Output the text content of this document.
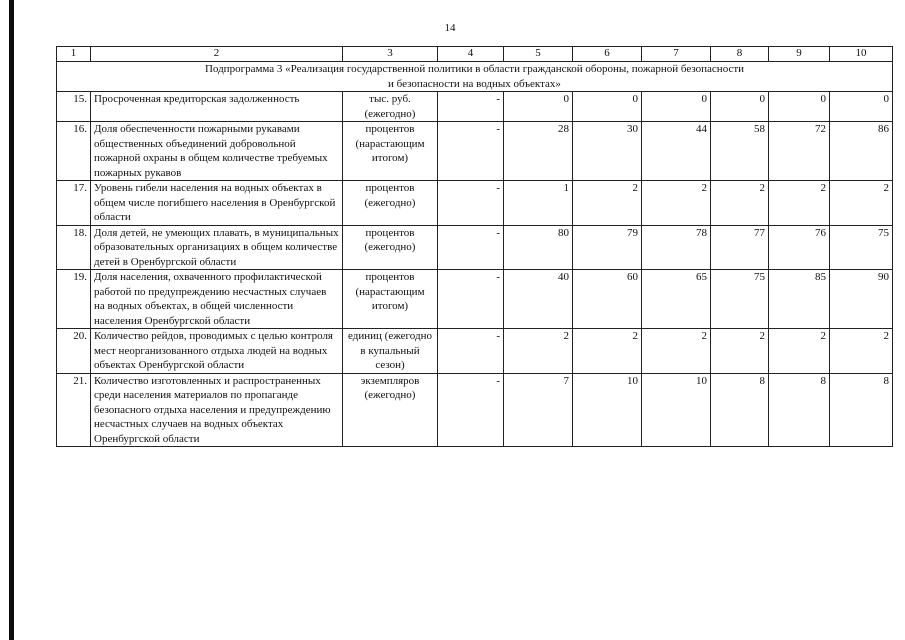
14
1	2	3	4	5	6	7	8	9	10

Подпрограмма 3 «Реализация государственной политики в области гражданской обороны, пожарной безопасности
и безопасности на водных объектах»									

15.	Просроченная кредиторская задолженность	тыс. руб. (ежегодно)	-	0	0	0	0	0	0
16.	Доля обеспеченности пожарными рукавами общественных объединений добровольной пожарной охраны в общем количестве требуемых пожарных рукавов	процентов (нарастающим итогом)	-	28	30	44	58	72	86
17.	Уровень гибели населения на водных объектах в общем числе погибшего населения в Оренбургской области	процентов (ежегодно)	-	1	2	2	2	2	2
18.	Доля детей, не умеющих плавать, в муниципальных образовательных организациях в общем количестве детей в Оренбургской области	процентов (ежегодно)	-	80	79	78	77	76	75
19.	Доля населения, охваченного профилактической работой по предупреждению несчастных случаев на водных объектах, в общей численности населения Оренбургской области	процентов (нарастающим итогом)	-	40	60	65	75	85	90
20.	Количество рейдов, проводимых с целью контроля мест неорганизованного отдыха людей на водных объектах Оренбургской области	единиц (ежегодно в купальный сезон)	-	2	2	2	2	2	2
21.	Количество изготовленных и распространенных среди населения материалов по пропаганде безопасного отдыха населения и предупреждению несчастных случаев на водных объектах Оренбургской области	экземпляров (ежегодно)	-	7	10	10	8	8	8
